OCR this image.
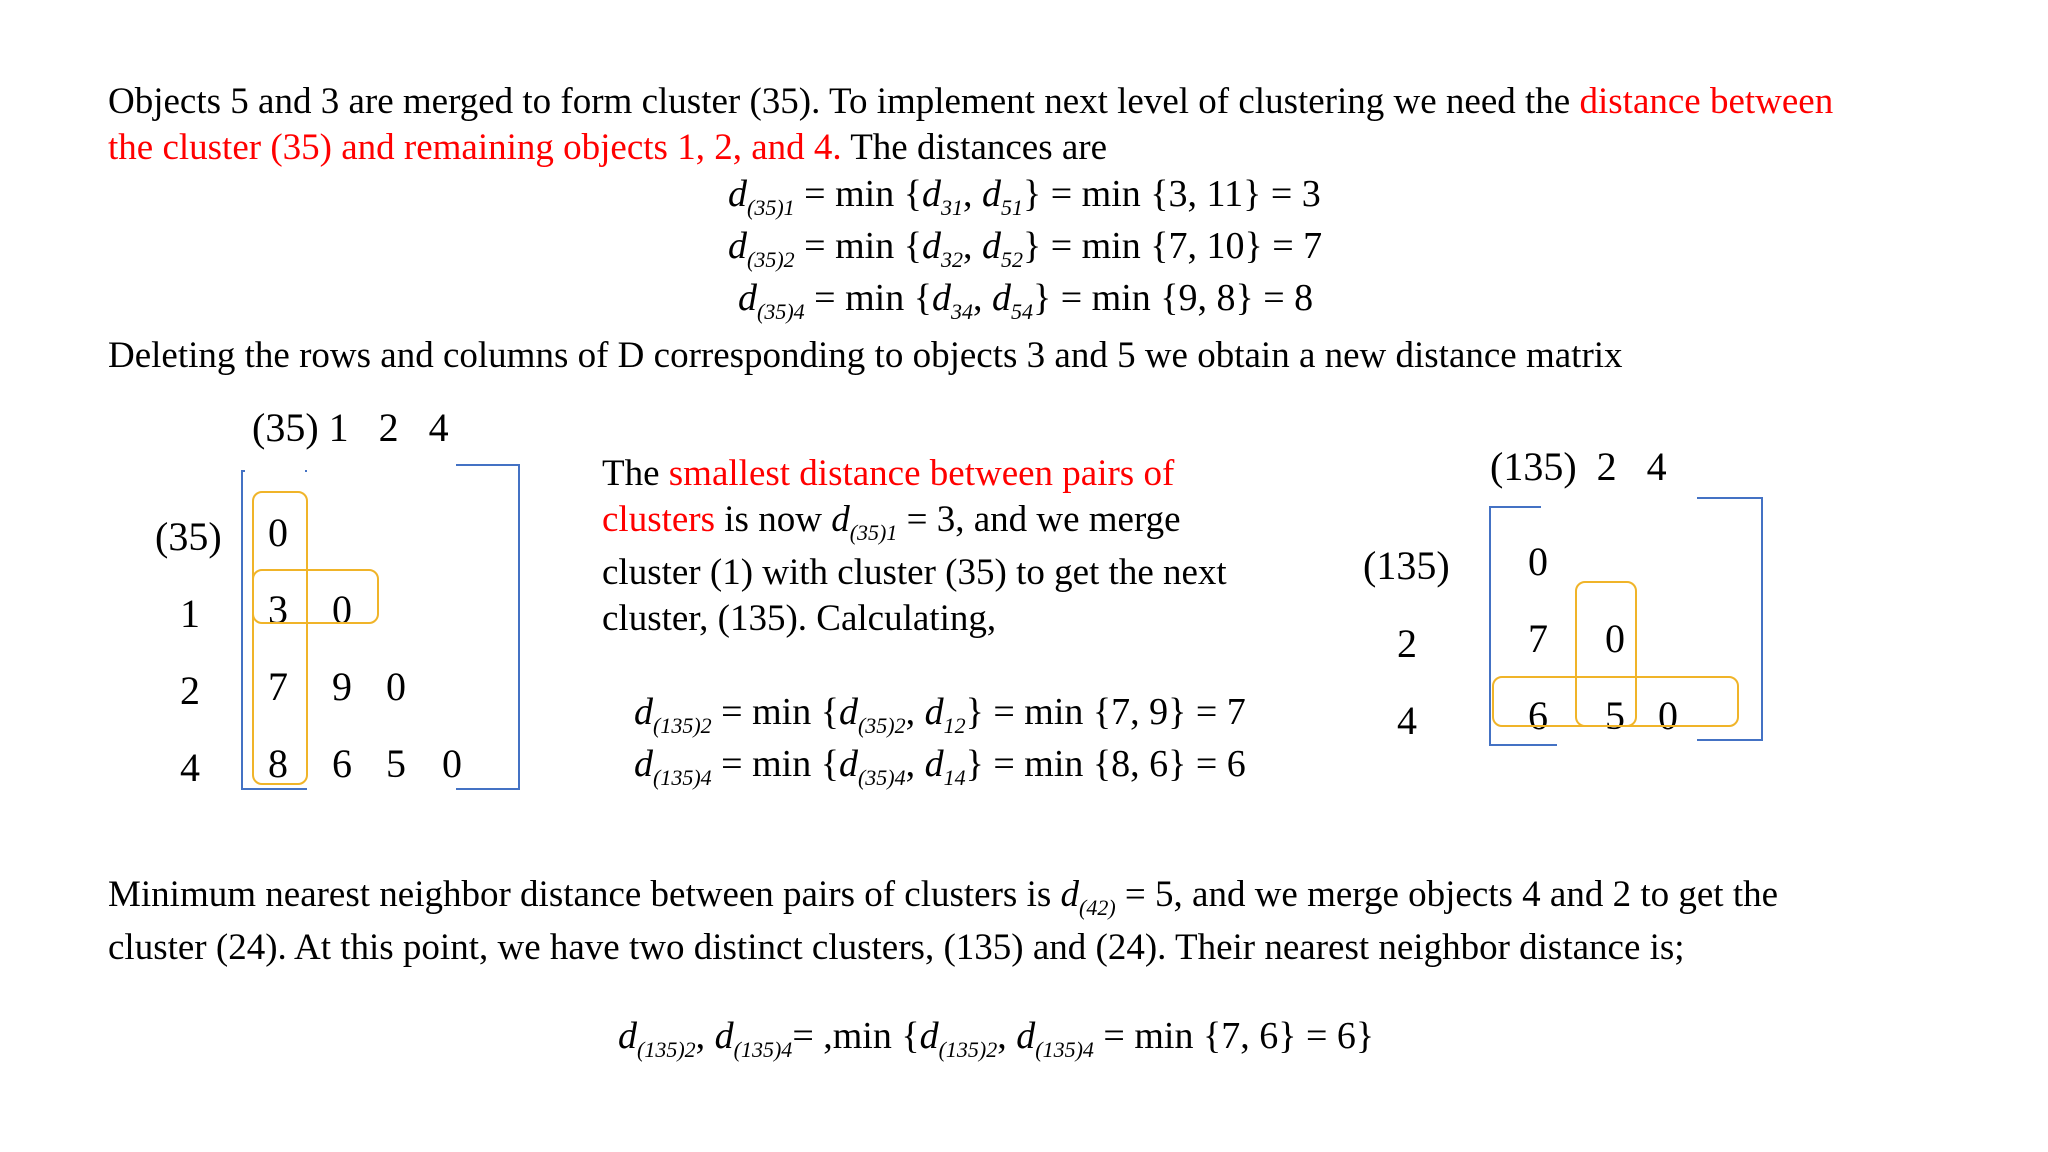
Objects 5 and 3 are merged to form cluster (35). To implement next level of clustering we need the distance between
the cluster (35) and remaining objects 1, 2, and 4. The distances are
$d_{(35)1} = \min \{d_{31}$, $d_{51}\} = \min \{3$, 11} = 3
$d_{(35)2} = \min \{d_{32}$, $d_{52}\} = \min \{7$, 10} = 7
$d_{(35)4} = \min \{d_{34}$, $d_{54}\} = \min \{9$, 8} = 8
Deleting the rows and columns of D corresponding to objects 3 and 5 we obtain a new distance matrix
(35) 1   2   4
(35)
1
2
4
0
3 0
7 9 0
8 6 5 0
The smallest distance between pairs of
clusters is now $d_{(35)1} = 3$, and we merge
cluster (1) with cluster (35) to get the next
cluster, (135). Calculating,
$d_{(135)2} = \min \{d_{(35)2}$, $d_{12}\} = \min \{7$, 9} = 7
$d_{(135)4} = \min \{d_{(35)4}$, $d_{14}\} = \min \{8$, 6} = 6
(135)  2   4
(135)
2
4
0
7 0
6 5 0
Minimum nearest neighbor distance between pairs of clusters is $d_{(42)} = 5$, and we merge objects 4 and 2 to get the
cluster (24). At this point, we have two distinct clusters, (135) and (24). Their nearest neighbor distance is;
$d_{(135)2}$, $d_{(135)4}= ,\min$ {$d_{(135)2}$, $d_{(135)4} = \min \{7$, 6} = 6}
